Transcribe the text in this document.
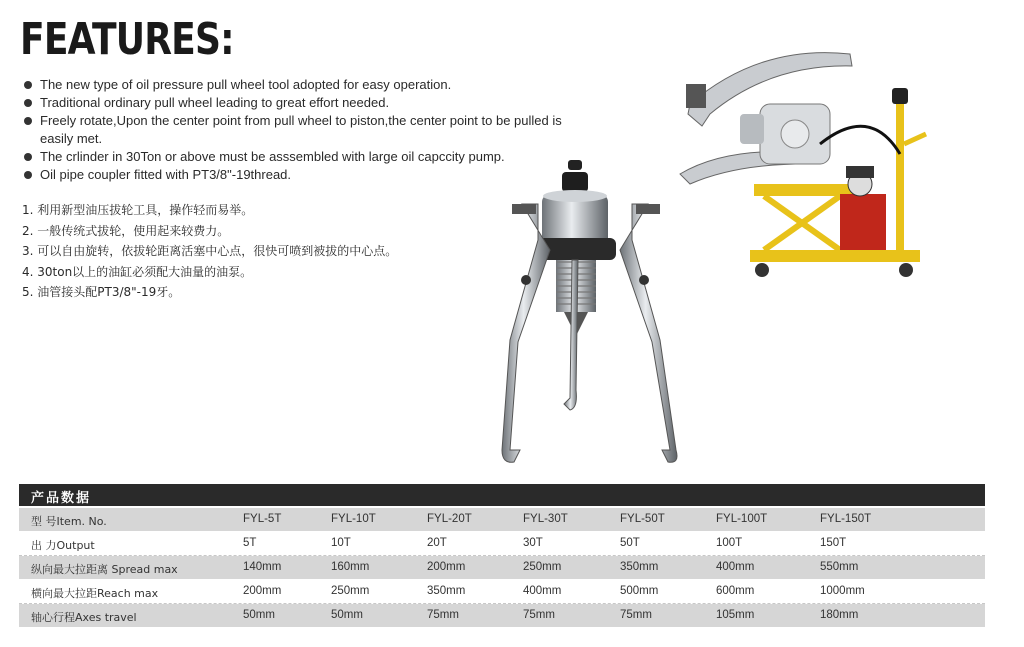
FEATURES:
The new type of oil pressure pull wheel tool adopted for easy operation.
Traditional ordinary pull wheel leading to great effort needed.
Freely rotate,Upon the center point from pull wheel to piston,the center point to be pulled is easily met.
The crlinder in 30Ton or above must be asssembled with large oil capccity pump.
Oil pipe coupler fitted with PT3/8"-19thread.
1. 利用新型油压拔轮工具，操作轻而易举。
2. 一般传统式拔轮，使用起来较费力。
3. 可以自由旋转，依拔轮距离活塞中心点，很快可喷到被拔的中心点。
4. 30ton以上的油缸必须配大油量的油泵。
5. 油管接头配PT3/8"-19牙。
产品数据
型 号Item. No.	FYL-5T	FYL-10T	FYL-20T	FYL-30T	FYL-50T	FYL-100T	FYL-150T
出 力Output	5T	10T	20T	30T	50T	100T	150T
纵向最大拉距离 Spread max	140mm	160mm	200mm	250mm	350mm	400mm	550mm
横向最大拉距Reach max	200mm	250mm	350mm	400mm	500mm	600mm	1000mm
轴心行程Axes travel	50mm	50mm	75mm	75mm	75mm	105mm	180mm
